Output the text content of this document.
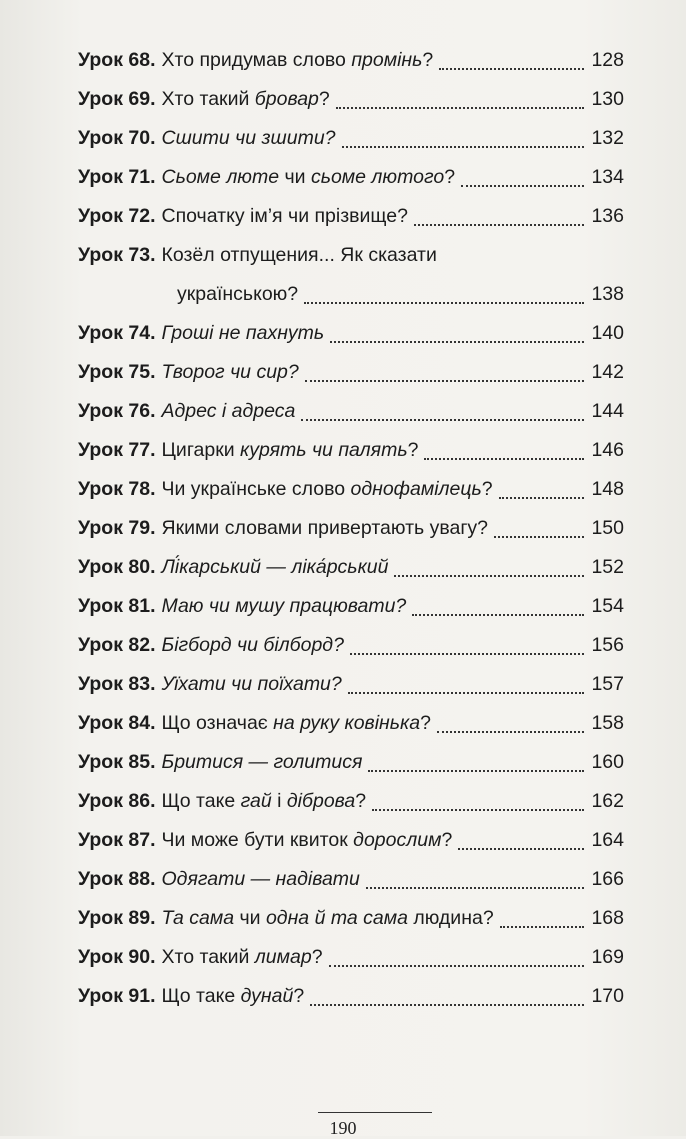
Урок 68. Хто придумав слово промінь?	128
Урок 69. Хто такий бровар?	130
Урок 70. Сшити чи зшити?	132
Урок 71. Сьоме люте чи сьоме лютого?	134
Урок 72. Спочатку ім’я чи прізвище?	136
Урок 73. Козёл отпущения... Як сказати
українською?	138
Урок 74. Гроші не пахнуть	140
Урок 75. Творог чи сир?	142
Урок 76. Адрес і адреса	144
Урок 77. Цигарки курять чи палять?	146
Урок 78. Чи українське слово однофамілець?	148
Урок 79. Якими словами привертають увагу?	150
Урок 80. Лі́карський — ліка́рський	152
Урок 81. Маю чи мушу працювати?	154
Урок 82. Бігборд чи білборд?	156
Урок 83. Уїхати чи поїхати?	157
Урок 84. Що означає на руку ковінька?	158
Урок 85. Бритися — голитися	160
Урок 86. Що таке гай і діброва?	162
Урок 87. Чи може бути квиток дорослим?	164
Урок 88. Одягати — надівати	166
Урок 89. Та сама чи одна й та сама людина?	168
Урок 90. Хто такий лимар?	169
Урок 91. Що таке дунай?	170
190
